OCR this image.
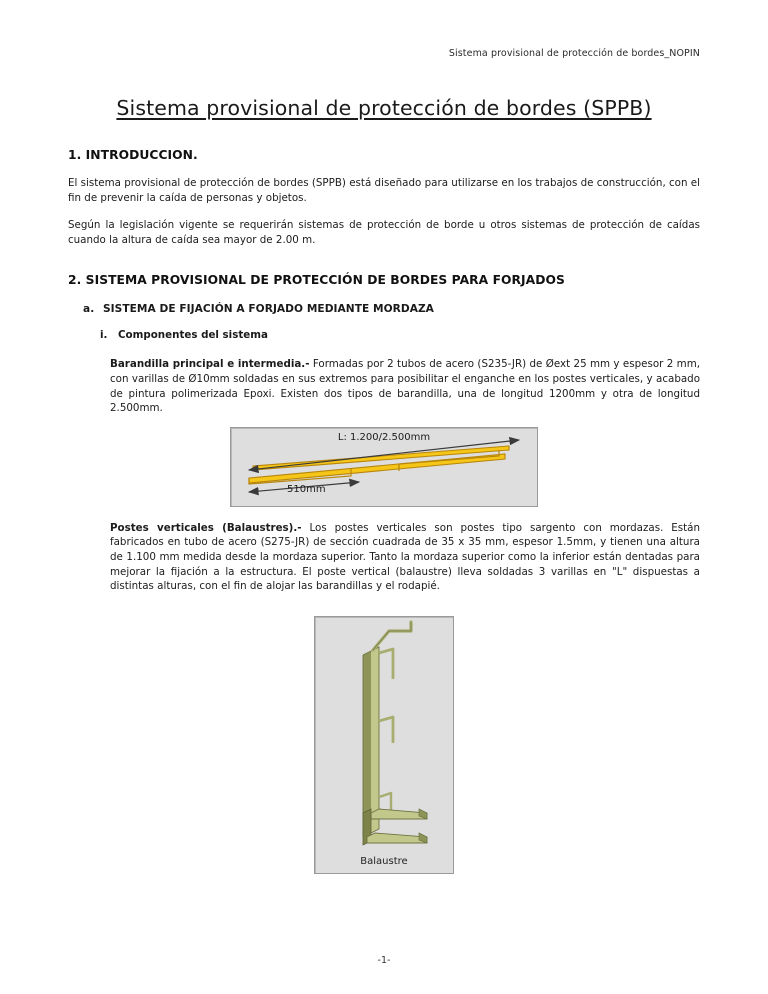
Sistema provisional de protección de bordes_NOPIN
Sistema provisional de protección de bordes (SPPB)
1. INTRODUCCION.

El sistema provisional de protección de bordes (SPPB) está diseñado para utilizarse en los trabajos de construcción, con el fin de prevenir la caída de personas y objetos.

Según la legislación vigente se requerirán sistemas de protección de borde u otros sistemas de protección de caídas cuando la altura de caída sea mayor de 2.00 m.

2. SISTEMA PROVISIONAL DE PROTECCIÓN DE BORDES PARA FORJADOS
a. SISTEMA DE FIJACIÓN A FORJADO MEDIANTE MORDAZA
i.	Componentes del sistema

Barandilla principal e intermedia.- Formadas por 2 tubos de acero (S235-JR) de Øext 25 mm y espesor 2 mm, con varillas de Ø10mm soldadas en sus extremos para posibilitar el enganche en los postes verticales, y acabado de pintura polimerizada Epoxi. Existen dos tipos de barandilla, una de longitud 1200mm y otra de longitud 2.500mm.

L: 1.200/2.500mm
510mm

Postes verticales (Balaustres).- Los postes verticales son postes tipo sargento con mordazas. Están fabricados en tubo de acero (S275-JR) de sección cuadrada de 35 x 35 mm, espesor 1.5mm, y tienen una altura de 1.100 mm medida desde la mordaza superior. Tanto la mordaza superior como la inferior están dentadas para mejorar la fijación a la estructura. El poste vertical (balaustre) lleva soldadas 3 varillas en "L" dispuestas a distintas alturas, con el fin de alojar las barandillas y el rodapié.

Balaustre
-1-
